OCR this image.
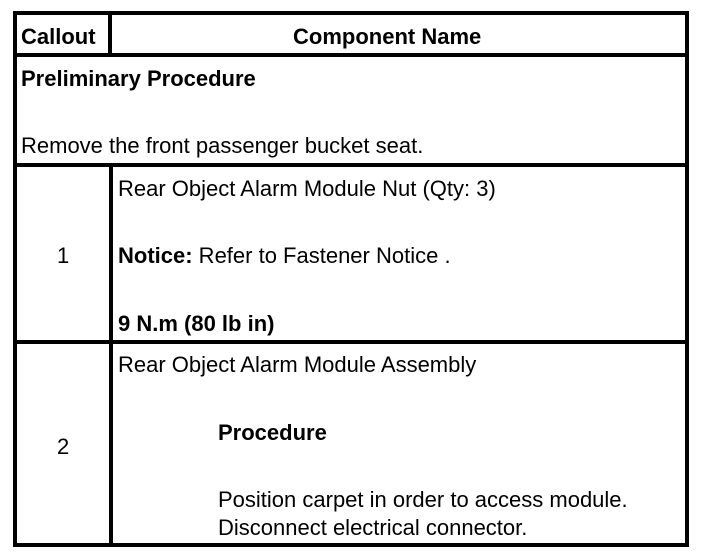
Callout	Component Name
Preliminary Procedure
Remove the front passenger bucket seat.
1
Rear Object Alarm Module Nut (Qty: 3)
Notice: Refer to Fastener Notice .
9 N.m (80 lb in)
2
Rear Object Alarm Module Assembly
Procedure
Position carpet in order to access module.
Disconnect electrical connector.
